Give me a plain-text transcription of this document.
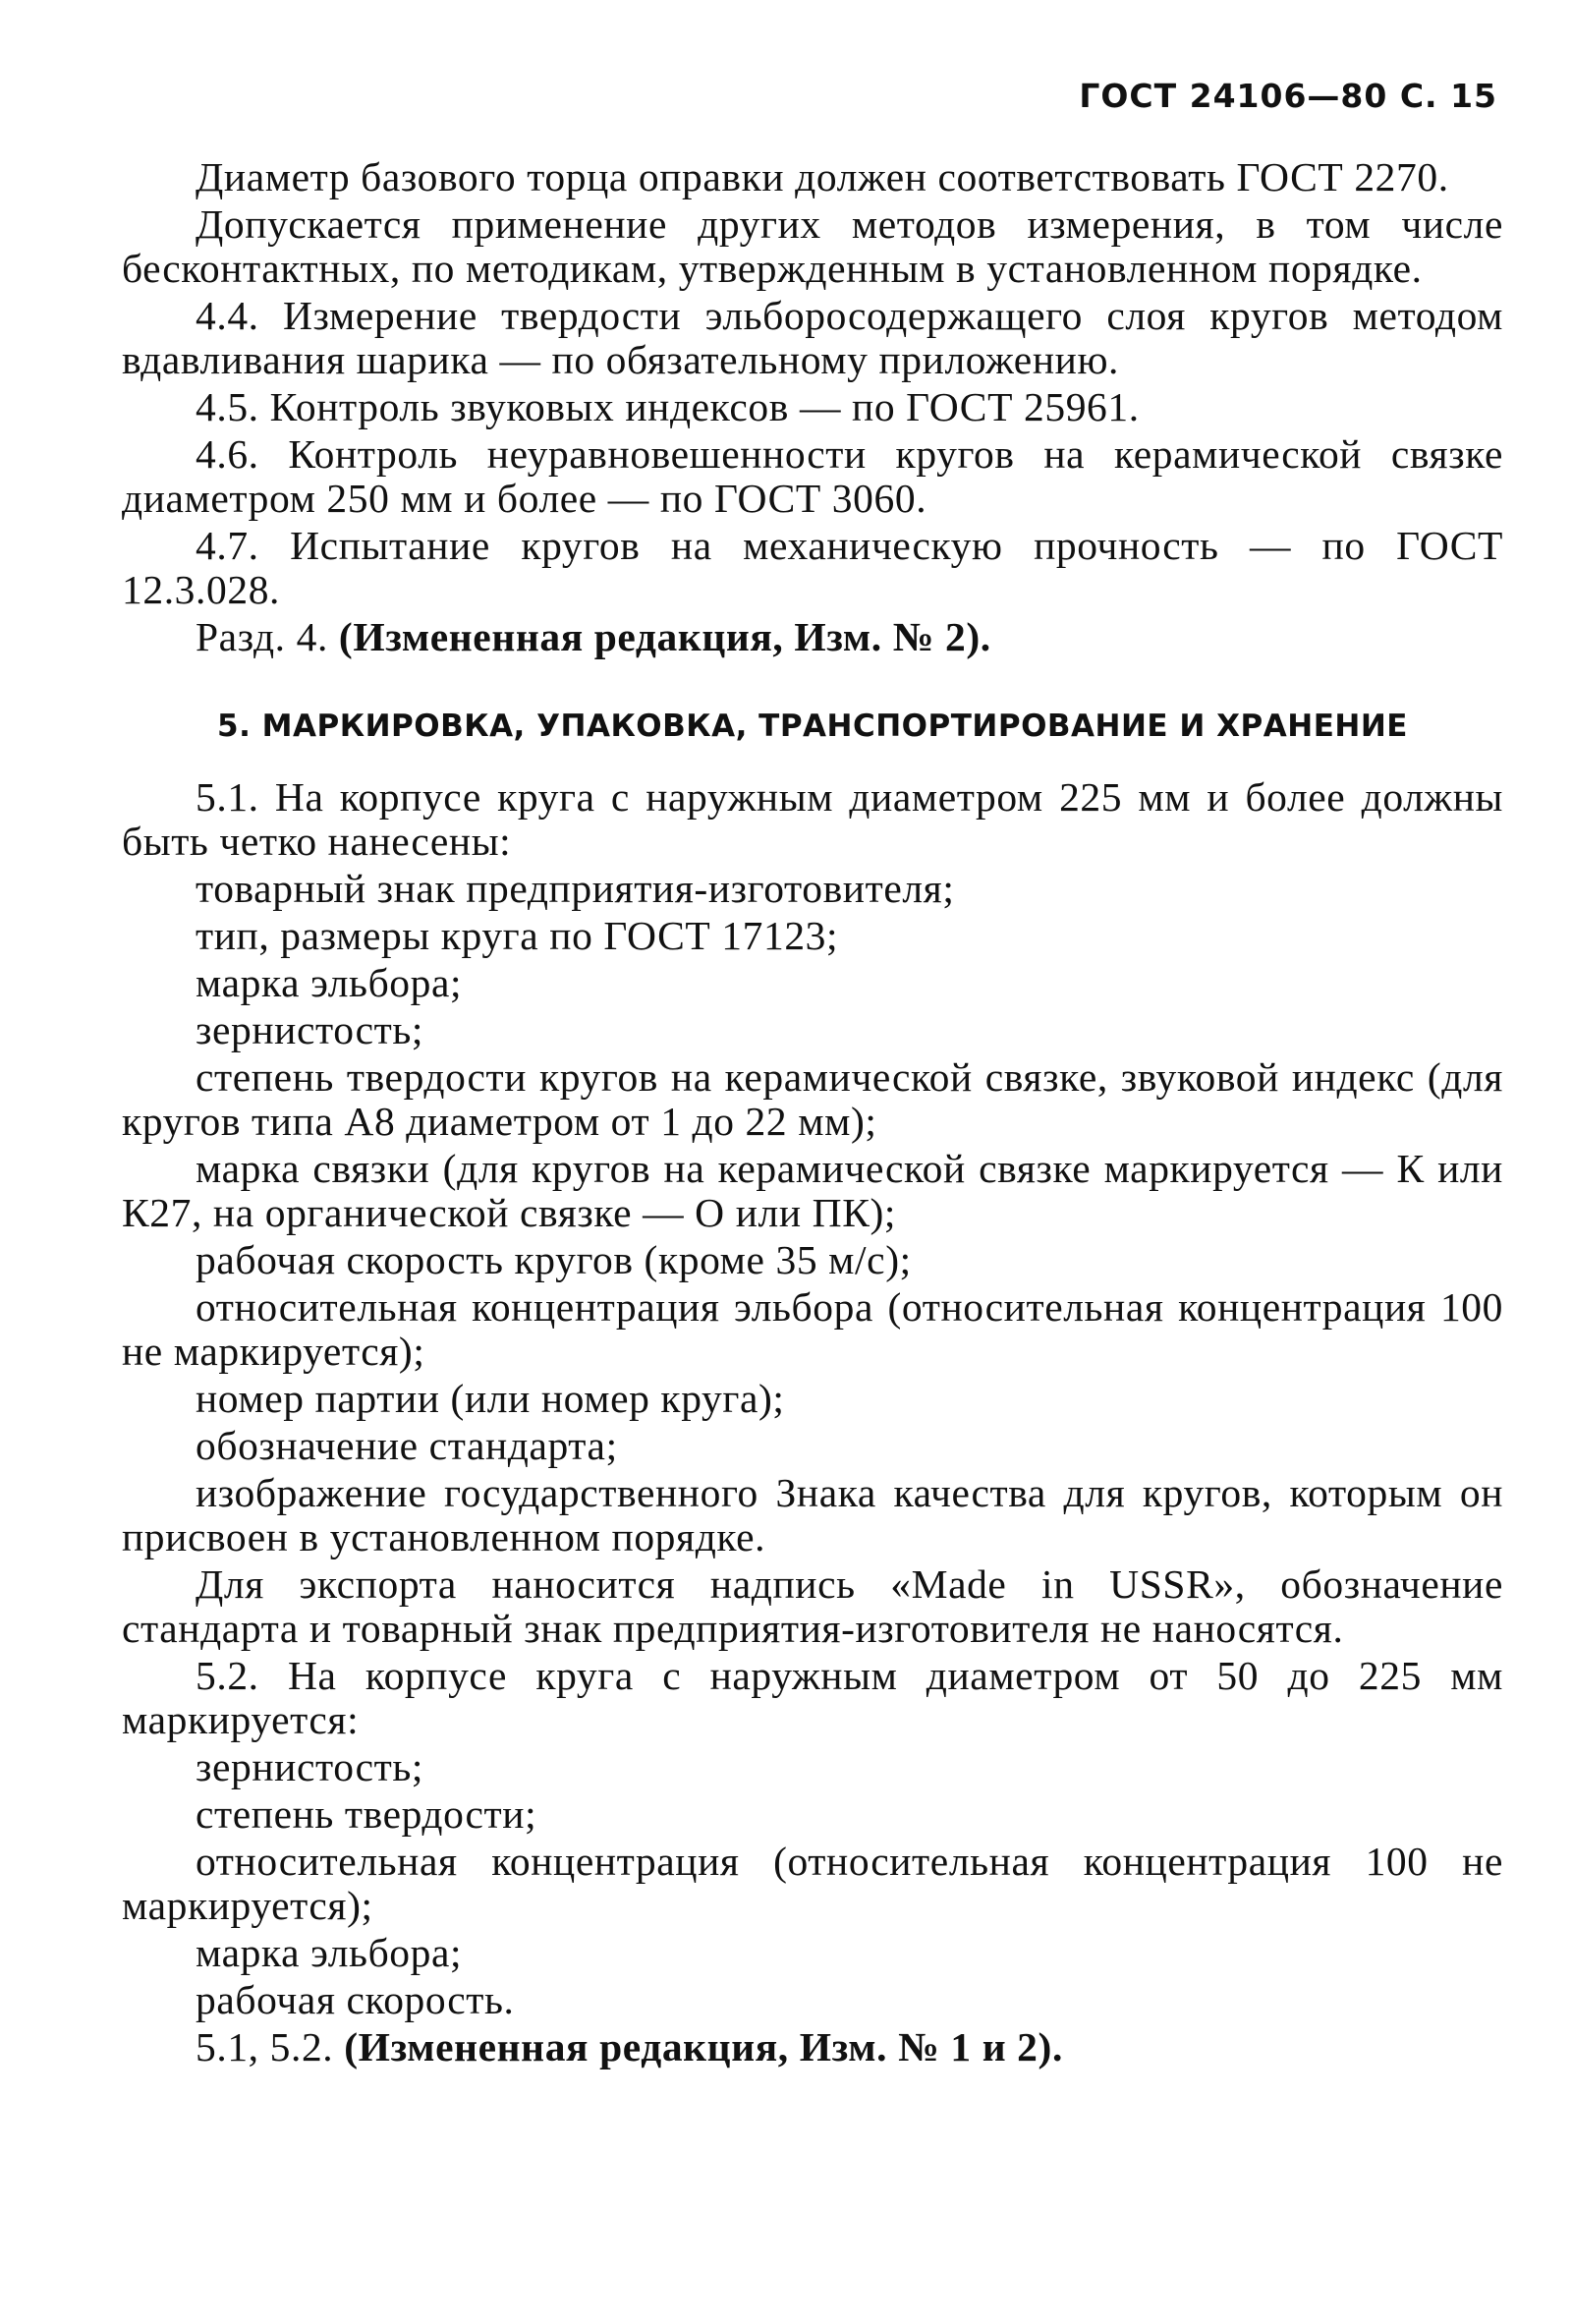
ГОСТ 24106—80 С. 15

Диаметр базового торца оправки должен соответствовать ГОСТ 2270.

Допускается применение других методов измерения, в том числе бесконтактных, по методикам, утвержденным в установленном порядке.

4.4. Измерение твердости эльборосодержащего слоя кругов методом вдавливания шарика — по обязательному приложению.

4.5. Контроль звуковых индексов — по ГОСТ 25961.

4.6. Контроль неуравновешенности кругов на керамической связке диаметром 250 мм и более — по ГОСТ 3060.

4.7. Испытание кругов на механическую прочность — по ГОСТ 12.3.028.

Разд. 4. (Измененная редакция, Изм. № 2).

5. МАРКИРОВКА, УПАКОВКА, ТРАНСПОРТИРОВАНИЕ И ХРАНЕНИЕ

5.1. На корпусе круга с наружным диаметром 225 мм и более должны быть четко нанесены:

товарный знак предприятия-изготовителя;

тип, размеры круга по ГОСТ 17123;

марка эльбора;

зернистость;

степень твердости кругов на керамической связке, звуковой индекс (для кругов типа А8 диаметром от 1 до 22 мм);

марка связки (для кругов на керамической связке маркируется — К или К27, на органической связке — О или ПК);

рабочая скорость кругов (кроме 35 м/с);

относительная концентрация эльбора (относительная концентрация 100 не маркируется);

номер партии (или номер круга);

обозначение стандарта;

изображение государственного Знака качества для кругов, которым он присвоен в установленном порядке.

Для экспорта наносится надпись «Made in USSR», обозначение стандарта и товарный знак предприятия-изготовителя не наносятся.

5.2. На корпусе круга с наружным диаметром от 50 до 225 мм маркируется:

зернистость;

степень твердости;

относительная концентрация (относительная концентрация 100 не маркируется);

марка эльбора;

рабочая скорость.

5.1, 5.2. (Измененная редакция, Изм. № 1 и 2).
